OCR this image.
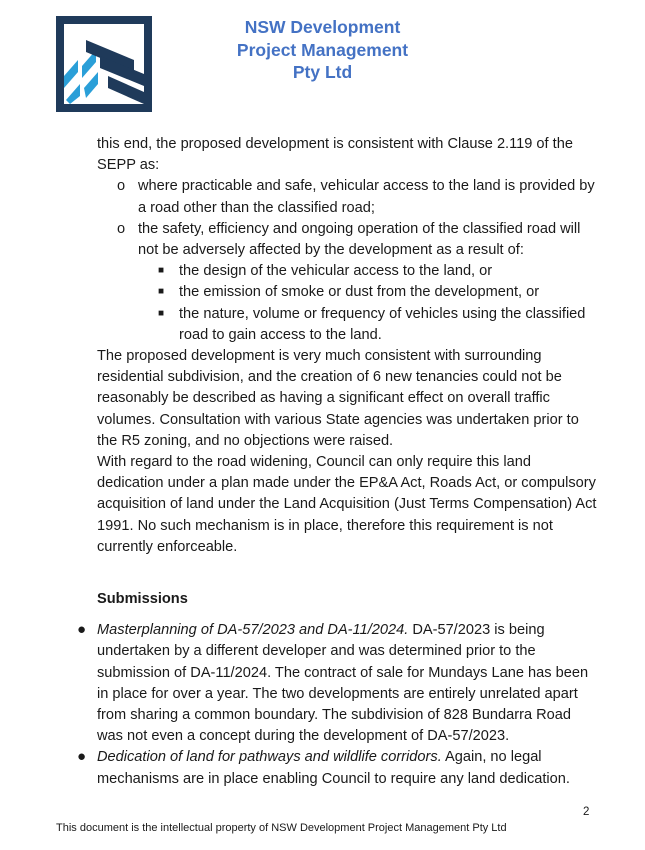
NSW Development
Project Management
Pty Ltd

this end, the proposed development is consistent with Clause 2.119 of the SEPP as:

o where practicable and safe, vehicular access to the land is provided by a road other than the classified road;

o the safety, efficiency and ongoing operation of the classified road will not be adversely affected by the development as a result of:

■ the design of the vehicular access to the land, or

■ the emission of smoke or dust from the development, or

■ the nature, volume or frequency of vehicles using the classified road to gain access to the land.

The proposed development is very much consistent with surrounding residential subdivision, and the creation of 6 new tenancies could not be reasonably be described as having a significant effect on overall traffic volumes. Consultation with various State agencies was undertaken prior to the R5 zoning, and no objections were raised.

With regard to the road widening, Council can only require this land dedication under a plan made under the EP&A Act, Roads Act, or compulsory acquisition of land under the Land Acquisition (Just Terms Compensation) Act 1991. No such mechanism is in place, therefore this requirement is not currently enforceable.

Submissions

● Masterplanning of DA-57/2023 and DA-11/2024. DA-57/2023 is being undertaken by a different developer and was determined prior to the submission of DA-11/2024. The contract of sale for Mundays Lane has been in place for over a year. The two developments are entirely unrelated apart from sharing a common boundary. The subdivision of 828 Bundarra Road was not even a concept during the development of DA-57/2023.

● Dedication of land for pathways and wildlife corridors. Again, no legal mechanisms are in place enabling Council to require any land dedication.

2
This document is the intellectual property of NSW Development Project Management Pty Ltd
